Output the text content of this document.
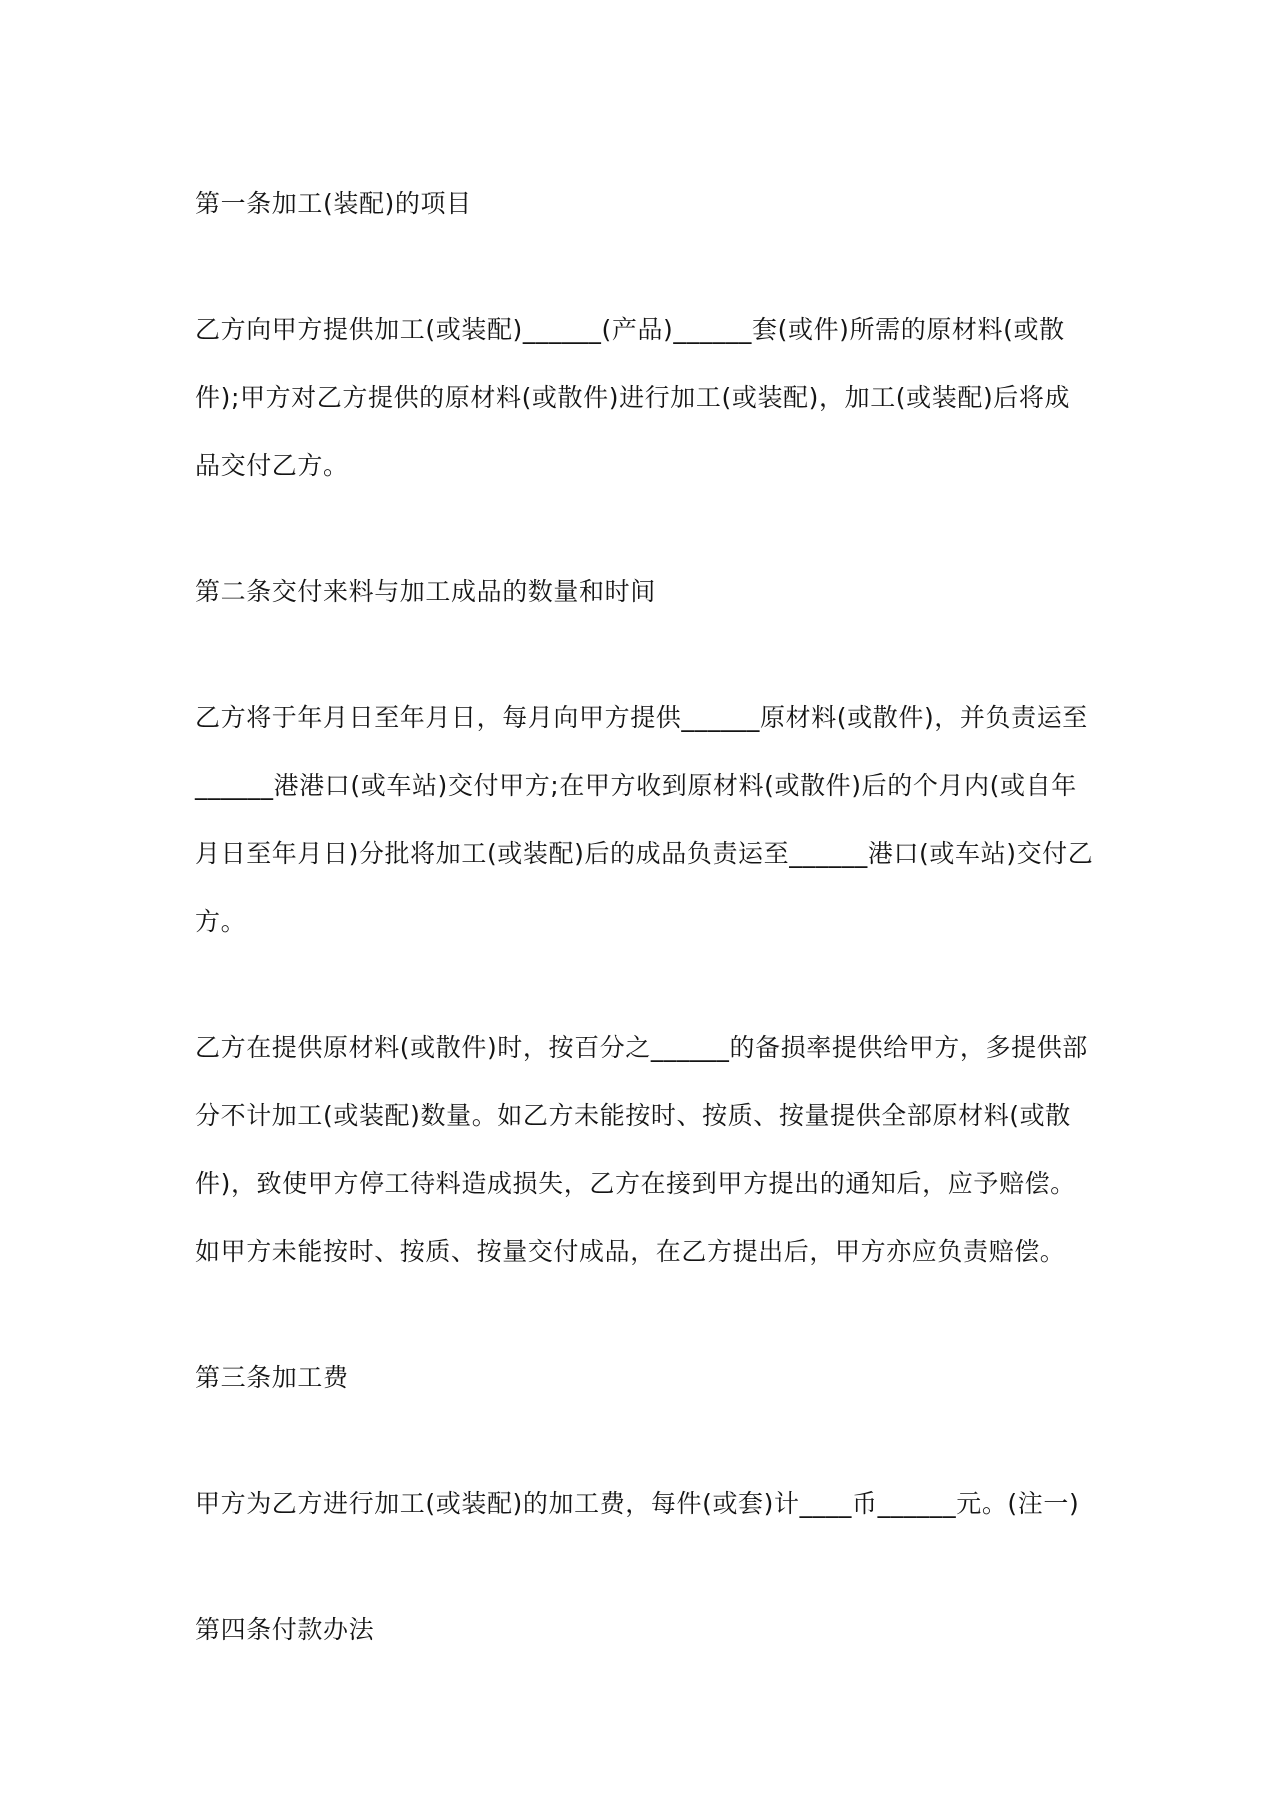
第一条加工(装配)的项目

乙方向甲方提供加工(或装配)______(产品)______套(或件)所需的原材料(或散件);甲方对乙方提供的原材料(或散件)进行加工(或装配)，加工(或装配)后将成品交付乙方。

第二条交付来料与加工成品的数量和时间

乙方将于年月日至年月日，每月向甲方提供______原材料(或散件)，并负责运至______港港口(或车站)交付甲方;在甲方收到原材料(或散件)后的个月内(或自年月日至年月日)分批将加工(或装配)后的成品负责运至______港口(或车站)交付乙方。

乙方在提供原材料(或散件)时，按百分之______的备损率提供给甲方，多提供部分不计加工(或装配)数量。如乙方未能按时、按质、按量提供全部原材料(或散件)，致使甲方停工待料造成损失，乙方在接到甲方提出的通知后，应予赔偿。如甲方未能按时、按质、按量交付成品，在乙方提出后，甲方亦应负责赔偿。

第三条加工费

甲方为乙方进行加工(或装配)的加工费，每件(或套)计____币______元。(注一)

第四条付款办法
